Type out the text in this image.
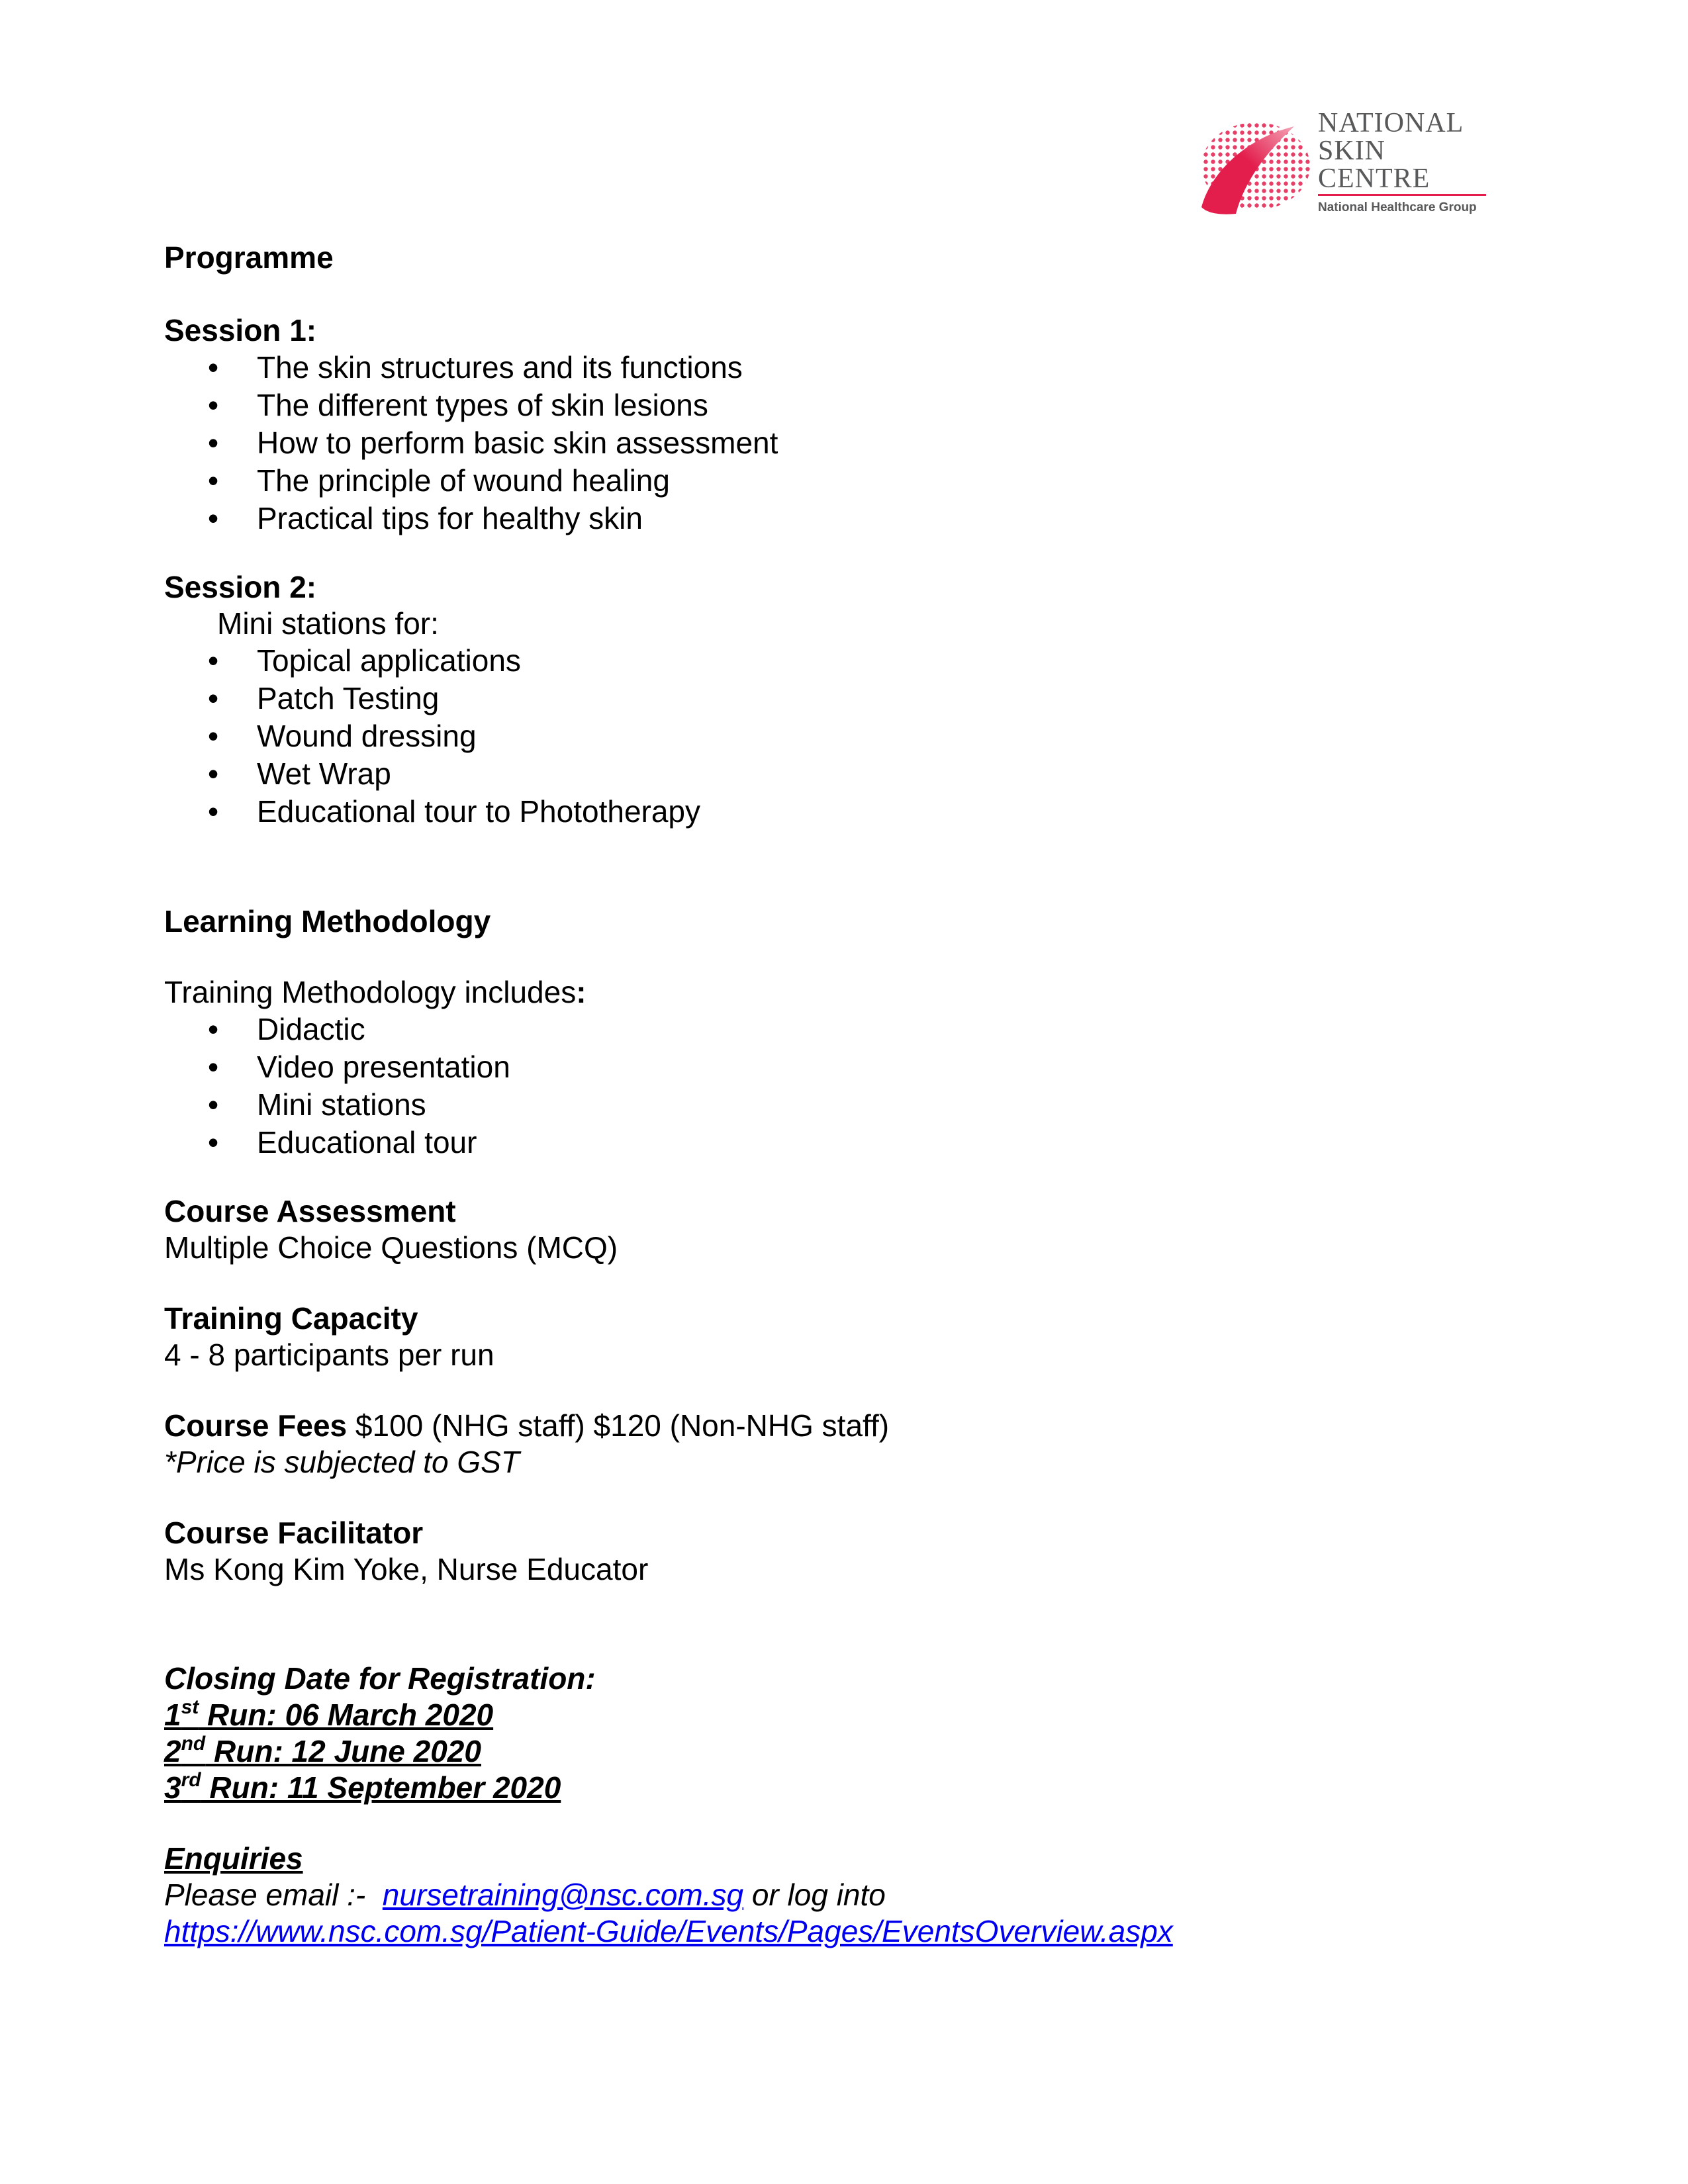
NATIONAL
SKIN
CENTRE
National Healthcare Group
Programme
Session 1:
• The skin structures and its functions
• The different types of skin lesions
• How to perform basic skin assessment
• The principle of wound healing
• Practical tips for healthy skin
Session 2:
Mini stations for:
• Topical applications
• Patch Testing
• Wound dressing
• Wet Wrap
• Educational tour to Phototherapy
Learning Methodology
Training Methodology includes:
• Didactic
• Video presentation
• Mini stations
• Educational tour
Course Assessment
Multiple Choice Questions (MCQ)
Training Capacity
4 - 8 participants per run
Course Fees $100 (NHG staff) $120 (Non-NHG staff)
*Price is subjected to GST
Course Facilitator
Ms Kong Kim Yoke, Nurse Educator
Closing Date for Registration:
1st Run: 06 March 2020
2nd Run: 12 June 2020
3rd Run: 11 September 2020
Enquiries
Please email :-  nursetraining@nsc.com.sg or log into
https://www.nsc.com.sg/Patient-Guide/Events/Pages/EventsOverview.aspx
